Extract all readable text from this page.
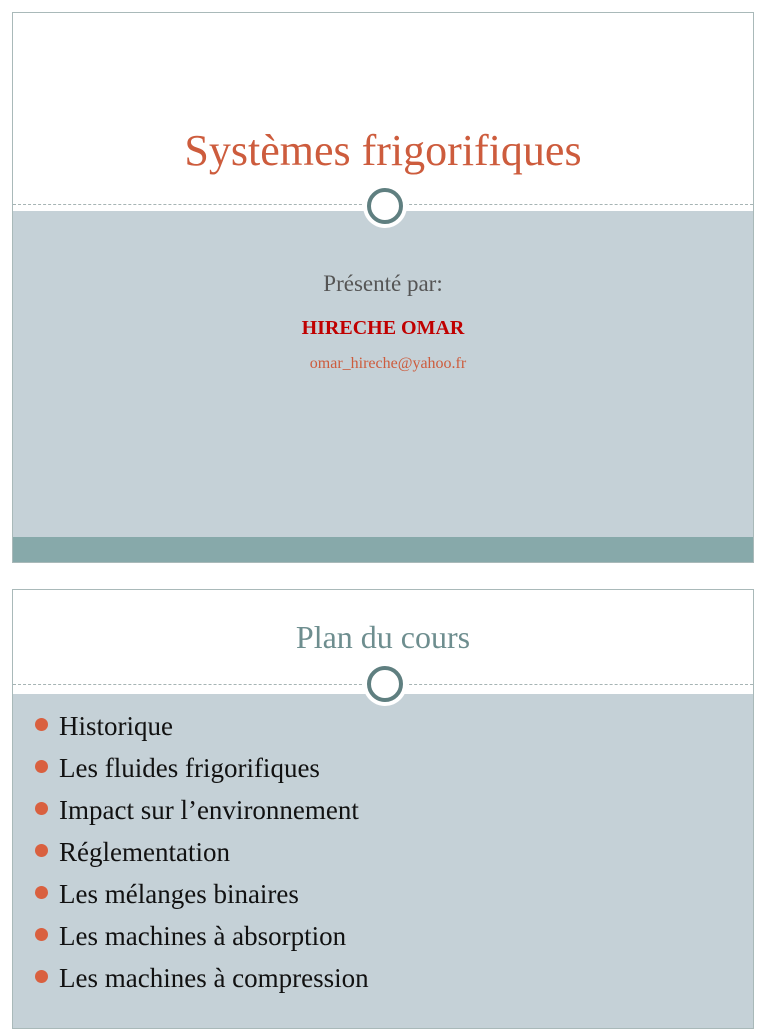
Systèmes frigorifiques
Présenté par:
HIRECHE OMAR
omar_hireche@yahoo.fr
Plan du cours
Historique
Les fluides frigorifiques
Impact sur l’environnement
Réglementation
Les mélanges binaires
Les machines à absorption
Les machines à compression
